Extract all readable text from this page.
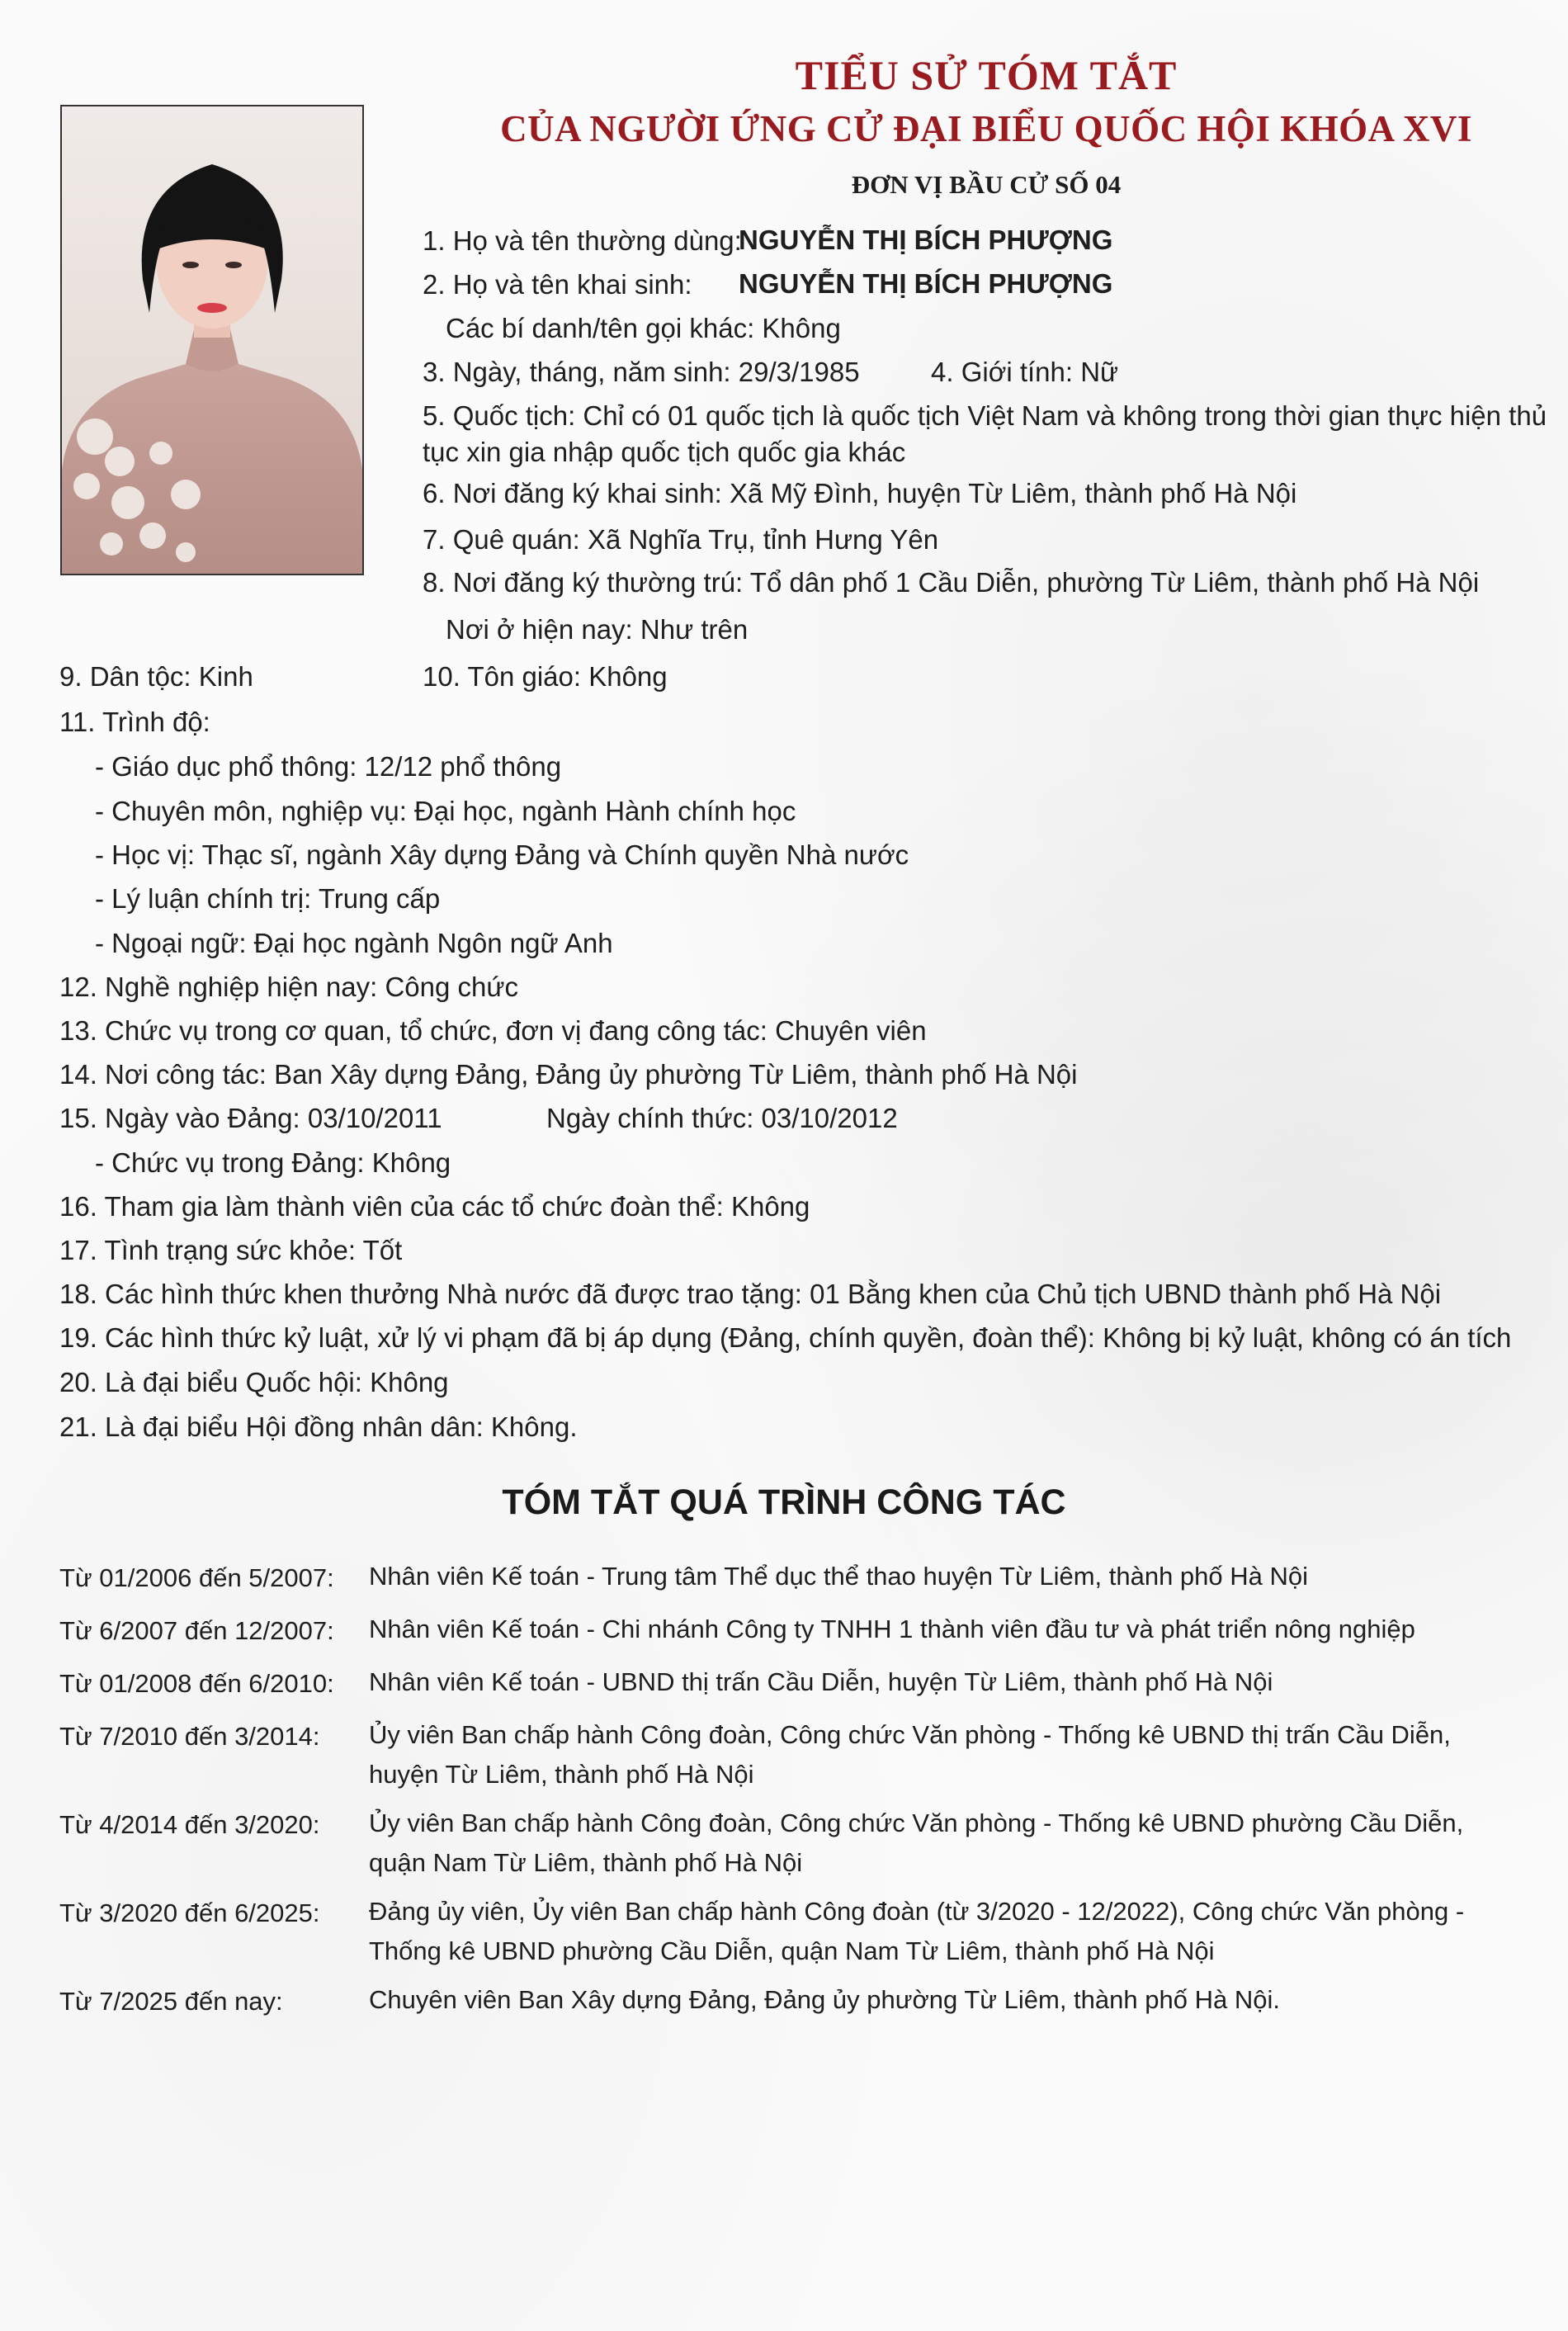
TIỂU SỬ TÓM TẮT
CỦA NGƯỜI ỨNG CỬ ĐẠI BIỂU QUỐC HỘI KHÓA XVI
ĐƠN VỊ BẦU CỬ SỐ 04
1. Họ và tên thường dùng:
NGUYỄN THỊ BÍCH PHƯỢNG
2. Họ và tên khai sinh: NGUYỄN THỊ BÍCH PHƯỢNG
Các bí danh/tên gọi khác: Không
3. Ngày, tháng, năm sinh: 29/3/1985	4. Giới tính: Nữ
5. Quốc tịch: Chỉ có 01 quốc tịch là quốc tịch Việt Nam và không trong thời gian thực hiện thủ
tục xin gia nhập quốc tịch quốc gia khác
6. Nơi đăng ký khai sinh: Xã Mỹ Đình, huyện Từ Liêm, thành phố Hà Nội
7. Quê quán: Xã Nghĩa Trụ, tỉnh Hưng Yên
8. Nơi đăng ký thường trú: Tổ dân phố 1 Cầu Diễn, phường Từ Liêm, thành phố Hà Nội
Nơi ở hiện nay: Như trên
9. Dân tộc: Kinh	10. Tôn giáo: Không
11. Trình độ:
- Giáo dục phổ thông: 12/12 phổ thông
- Chuyên môn, nghiệp vụ: Đại học, ngành Hành chính học
- Học vị: Thạc sĩ, ngành Xây dựng Đảng và Chính quyền Nhà nước
- Lý luận chính trị: Trung cấp
- Ngoại ngữ: Đại học ngành Ngôn ngữ Anh
12. Nghề nghiệp hiện nay: Công chức
13. Chức vụ trong cơ quan, tổ chức, đơn vị đang công tác: Chuyên viên
14. Nơi công tác: Ban Xây dựng Đảng, Đảng ủy phường Từ Liêm, thành phố Hà Nội
15. Ngày vào Đảng: 03/10/2011	Ngày chính thức: 03/10/2012
- Chức vụ trong Đảng: Không
16. Tham gia làm thành viên của các tổ chức đoàn thể: Không
17. Tình trạng sức khỏe: Tốt
18. Các hình thức khen thưởng Nhà nước đã được trao tặng: 01 Bằng khen của Chủ tịch UBND thành phố Hà Nội
19. Các hình thức kỷ luật, xử lý vi phạm đã bị áp dụng (Đảng, chính quyền, đoàn thể): Không bị kỷ luật, không có án tích
20. Là đại biểu Quốc hội: Không
21. Là đại biểu Hội đồng nhân dân: Không.
TÓM TẮT QUÁ TRÌNH CÔNG TÁC
Từ 01/2006 đến 5/2007: Nhân viên Kế toán - Trung tâm Thể dục thể thao huyện Từ Liêm, thành phố Hà Nội
Từ 6/2007 đến 12/2007: Nhân viên Kế toán - Chi nhánh Công ty TNHH 1 thành viên đầu tư và phát triển nông nghiệp
Từ 01/2008 đến 6/2010: Nhân viên Kế toán - UBND thị trấn Cầu Diễn, huyện Từ Liêm, thành phố Hà Nội
Từ 7/2010 đến 3/2014: Ủy viên Ban chấp hành Công đoàn, Công chức Văn phòng - Thống kê UBND thị trấn Cầu Diễn,
huyện Từ Liêm, thành phố Hà Nội
Từ 4/2014 đến 3/2020: Ủy viên Ban chấp hành Công đoàn, Công chức Văn phòng - Thống kê UBND phường Cầu Diễn,
quận Nam Từ Liêm, thành phố Hà Nội
Từ 3/2020 đến 6/2025: Đảng ủy viên, Ủy viên Ban chấp hành Công đoàn (từ 3/2020 - 12/2022), Công chức Văn phòng -
Thống kê UBND phường Cầu Diễn, quận Nam Từ Liêm, thành phố Hà Nội
Từ 7/2025 đến nay:	Chuyên viên Ban Xây dựng Đảng, Đảng ủy phường Từ Liêm, thành phố Hà Nội.
